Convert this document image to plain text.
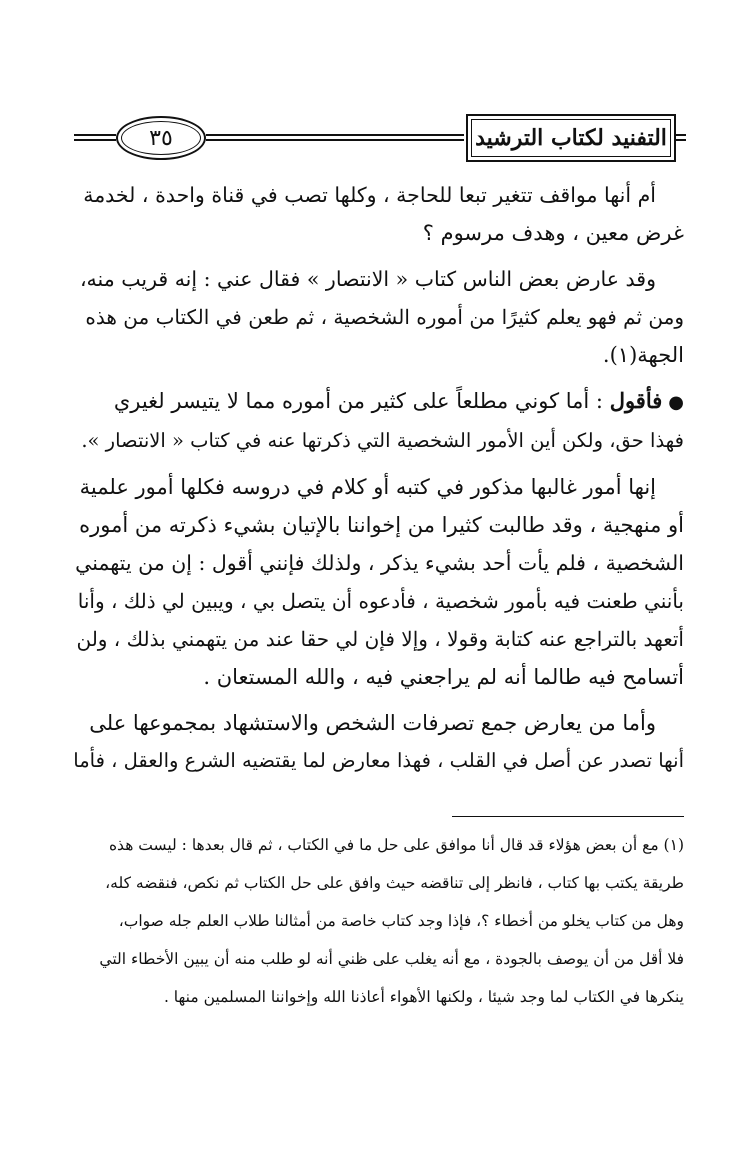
٣٥	التفنيد لكتاب الترشيد

أم أنها مواقف تتغير تبعا للحاجة ، وكلها تصب في قناة واحدة ، لخدمة
غرض معين ، وهدف مرسوم ؟

وقد عارض بعض الناس كتاب « الانتصار » فقال عني : إنه قريب منه،
ومن ثم فهو يعلم كثيرًا من أموره الشخصية ، ثم طعن في الكتاب من هذه
الجهة(١).

●فأقول : أما كوني مطلعاً على كثير من أموره مما لا يتيسر لغيري
فهذا حق، ولكن أين الأمور الشخصية التي ذكرتها عنه في كتاب « الانتصار ».

إنها أمور غالبها مذكور في كتبه أو كلام في دروسه فكلها أمور علمية
أو منهجية ، وقد طالبت كثيرا من إخواننا بالإتيان بشيء ذكرته من أموره
الشخصية ، فلم يأت أحد بشيء يذكر ، ولذلك فإنني أقول : إن من يتهمني
بأنني طعنت فيه بأمور شخصية ، فأدعوه أن يتصل بي ، ويبين لي ذلك ، وأنا
أتعهد بالتراجع عنه كتابة وقولا ، وإلا فإن لي حقا عند من يتهمني بذلك ، ولن
أتسامح فيه طالما أنه لم يراجعني فيه ، والله المستعان .

وأما من يعارض جمع تصرفات الشخص والاستشهاد بمجموعها على
أنها تصدر عن أصل في القلب ، فهذا معارض لما يقتضيه الشرع والعقل ، فأما

(١) مع أن بعض هؤلاء قد قال أنا موافق على حل ما في الكتاب ، ثم قال بعدها : ليست هذه
طريقة يكتب بها كتاب ، فانظر إلى تناقضه حيث وافق على حل الكتاب ثم نكص، فنقضه كله،
وهل من كتاب يخلو من أخطاء ؟، فإذا وجد كتاب خاصة من أمثالنا طلاب العلم جله صواب،
فلا أقل من أن يوصف بالجودة ، مع أنه يغلب على ظني أنه لو طلب منه أن يبين الأخطاء التي
ينكرها في الكتاب لما وجد شيئا ، ولكنها الأهواء أعاذنا الله وإخواننا المسلمين منها .
